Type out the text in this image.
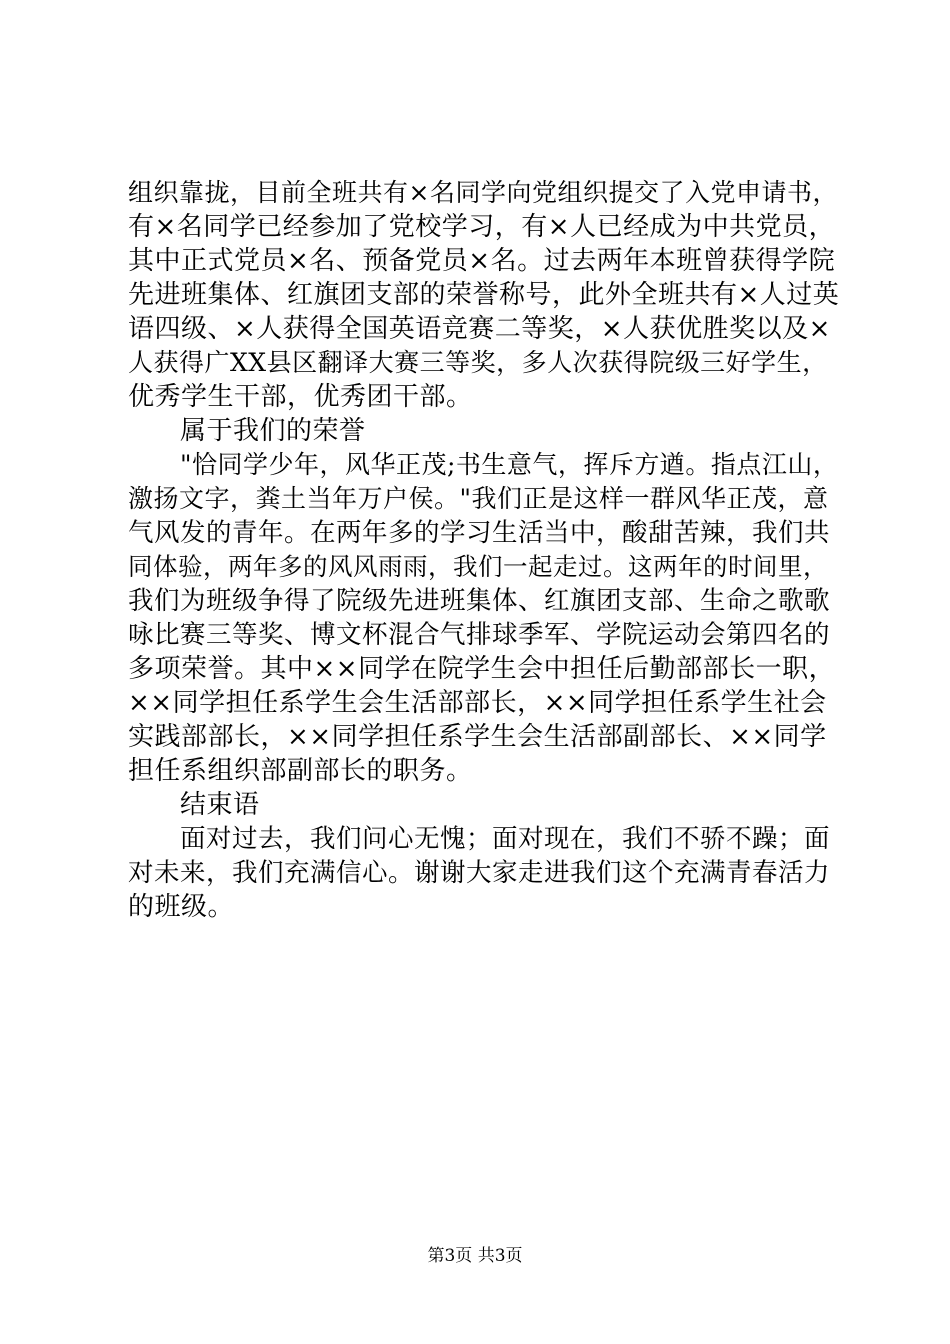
组织靠拢，目前全班共有×名同学向党组织提交了入党申请书，
有×名同学已经参加了党校学习，有×人已经成为中共党员，
其中正式党员×名、预备党员×名。过去两年本班曾获得学院
先进班集体、红旗团支部的荣誉称号，此外全班共有×人过英
语四级、×人获得全国英语竞赛二等奖，×人获优胜奖以及×
人获得广XX县区翻译大赛三等奖，多人次获得院级三好学生，
优秀学生干部，优秀团干部。
属于我们的荣誉
"恰同学少年，风华正茂;书生意气，挥斥方遒。指点江山，
激扬文字，粪土当年万户侯。"我们正是这样一群风华正茂，意
气风发的青年。在两年多的学习生活当中，酸甜苦辣，我们共
同体验，两年多的风风雨雨，我们一起走过。这两年的时间里，
我们为班级争得了院级先进班集体、红旗团支部、生命之歌歌
咏比赛三等奖、博文杯混合气排球季军、学院运动会第四名的
多项荣誉。其中××同学在院学生会中担任后勤部部长一职，
××同学担任系学生会生活部部长，××同学担任系学生社会
实践部部长，××同学担任系学生会生活部副部长、××同学
担任系组织部副部长的职务。
结束语
面对过去，我们问心无愧；面对现在，我们不骄不躁；面
对未来，我们充满信心。谢谢大家走进我们这个充满青春活力
的班级。
第3页 共3页
